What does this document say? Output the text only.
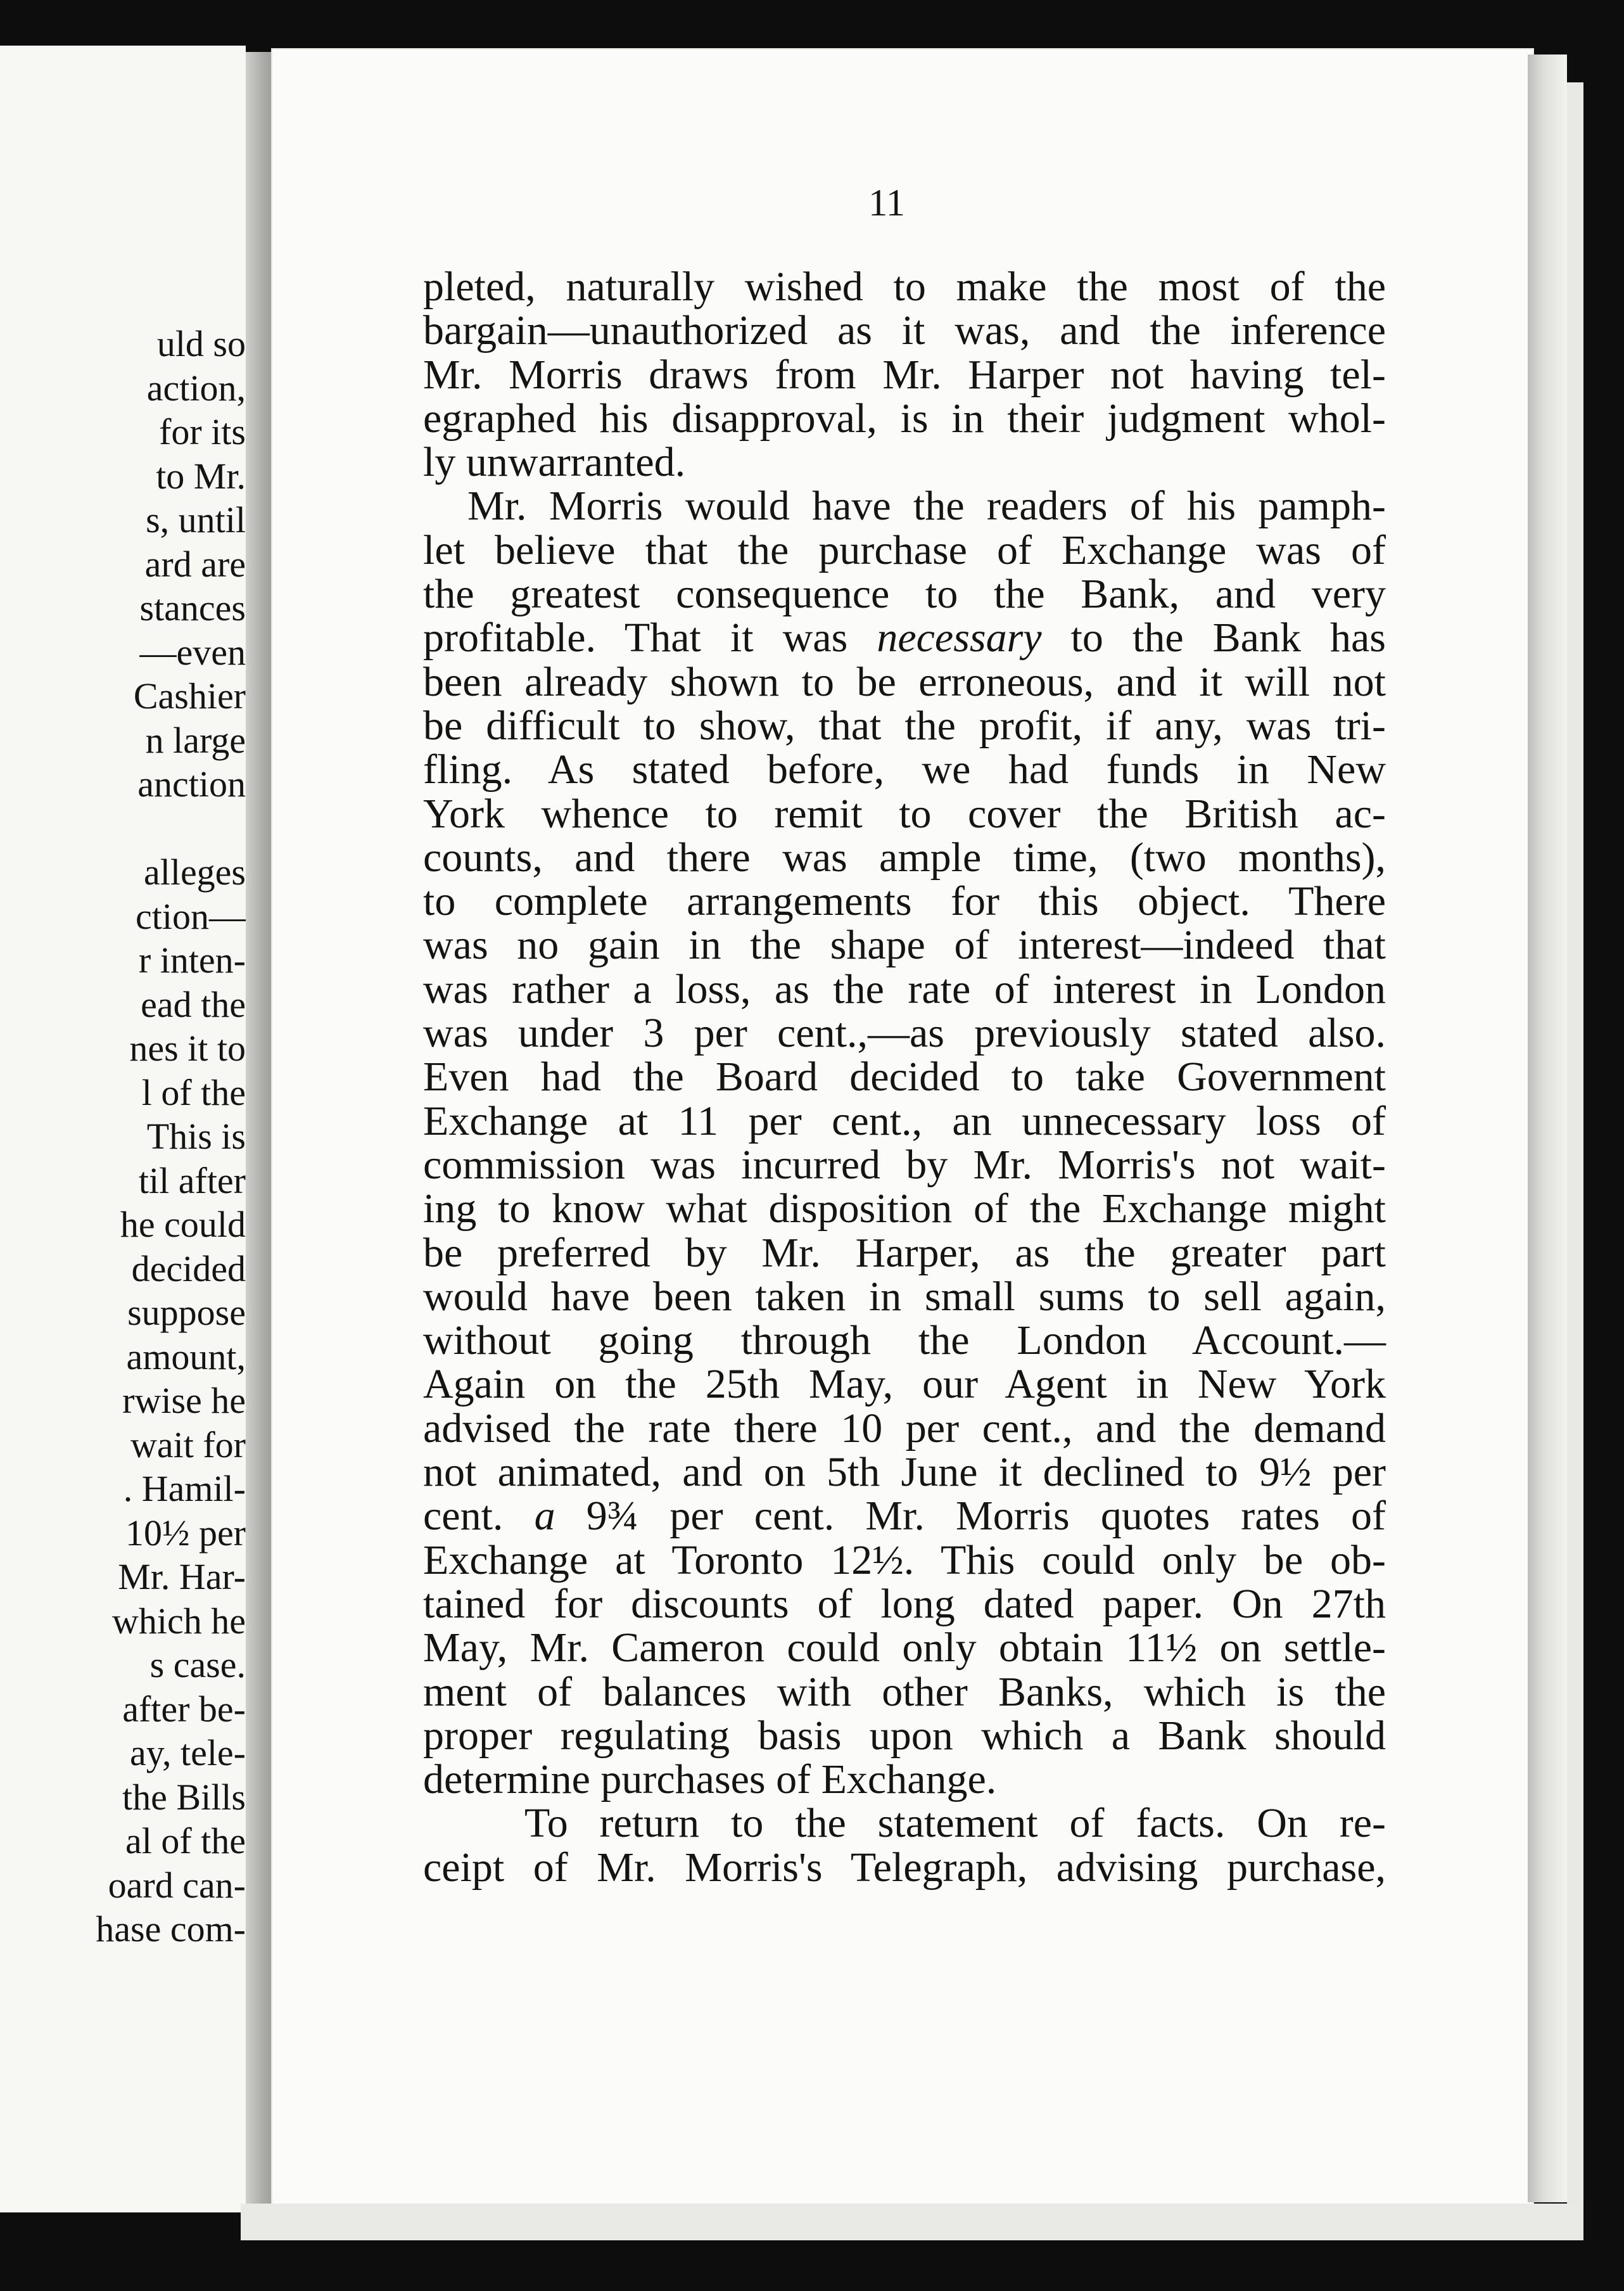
uld so
action,
for its
to Mr.
s, until
ard are
stances
—even
Cashier
n large
anction
alleges
ction—
r inten-
ead the
nes it to
l of the
This is
til after
he could
decided
suppose
amount,
rwise he
wait for
. Hamil-
10½ per
Mr. Har-
which he
s case.
after be-
ay, tele-
the Bills
al of the
oard can-
hase com-
11
pleted, naturally wished to make the most of the
bargain—unauthorized as it was, and the inference
Mr. Morris draws from Mr. Harper not having tel-
egraphed his disapproval, is in their judgment whol-
ly unwarranted.
Mr. Morris would have the readers of his pamph-
let believe that the purchase of Exchange was of
the greatest consequence to the Bank, and very
profitable. That it was necessary to the Bank has
been already shown to be erroneous, and it will not
be difficult to show, that the profit, if any, was tri-
fling. As stated before, we had funds in New
York whence to remit to cover the British ac-
counts, and there was ample time, (two months),
to complete arrangements for this object. There
was no gain in the shape of interest—indeed that
was rather a loss, as the rate of interest in London
was under 3 per cent.,—as previously stated also.
Even had the Board decided to take Government
Exchange at 11 per cent., an unnecessary loss of
commission was incurred by Mr. Morris's not wait-
ing to know what disposition of the Exchange might
be preferred by Mr. Harper, as the greater part
would have been taken in small sums to sell again,
without going through the London Account.—
Again on the 25th May, our Agent in New York
advised the rate there 10 per cent., and the demand
not animated, and on 5th June it declined to 9½ per
cent. a 9¾ per cent. Mr. Morris quotes rates of
Exchange at Toronto 12½. This could only be ob-
tained for discounts of long dated paper. On 27th
May, Mr. Cameron could only obtain 11½ on settle-
ment of balances with other Banks, which is the
proper regulating basis upon which a Bank should
determine purchases of Exchange.
To return to the statement of facts. On re-
ceipt of Mr. Morris's Telegraph, advising purchase,
